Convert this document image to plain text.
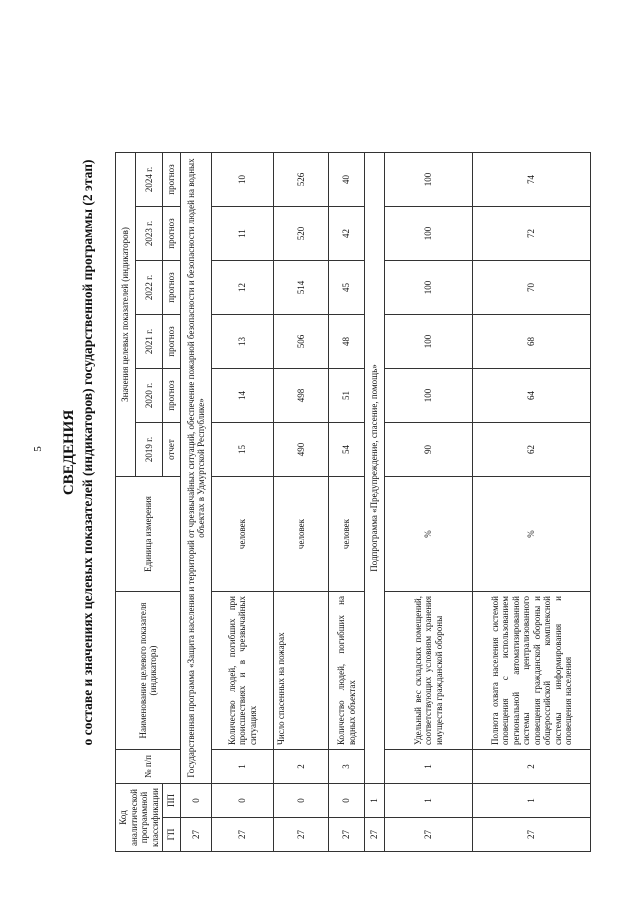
5 СВЕДЕНИЯ о составе и значениях целевых показателей (индикаторов) государственной программы (2 этап)
Код аналитической программной классификации		№ п/п	Наименование целевого показателя (индикатора)	Единица измерения	Значения целевых показателей (индикаторов)					
					2019 г.	2020 г.	2021 г.	2022 г.	2023 г.	2024 г.
ГП	ПП				отчет	прогноз	прогноз	прогноз	прогноз	прогноз
27	0	Государственная программа «Защита населения и территорий от чрезвычайных ситуаций, обеспечение пожарной безопасности и безопасности людей на водных объектах в Удмуртской Республике»								
27	0	1	Количество людей, погибших при происшествиях и в чрезвычайных ситуациях	человек	15	14	13	12	11	10
27	0	2	Число спасенных на пожарах	человек	490	498	506	514	520	526
27	0	3	Количество людей, погибших на водных объектах	человек	54	51	48	45	42	40
27	1	Подпрограмма «Предупреждение, спасение, помощь»								
27	1	1	Удельный вес складских помещений, соответствующих условиям хранения имущества гражданской обороны	%	90	100	100	100	100	100
27	1	2	Полнота охвата населения системой оповещения с использованием региональной автоматизированной системы централизованного оповещения гражданской обороны и общероссийской комплексной системы информирования и оповещения населения	%	62	64	68	70	72	74
